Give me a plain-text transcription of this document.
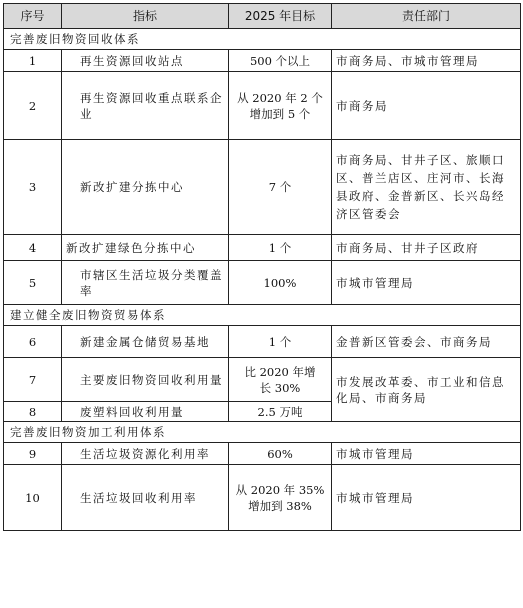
序号	指标	2025 年目标	责任部门
完善废旧物资回收体系			
1	再生资源回收站点	500 个以上	市商务局、市城市管理局
2	再生资源回收重点联系企业	从 2020 年 2 个增加到 5 个	市商务局
3	新改扩建分拣中心	7 个	市商务局、甘井子区、旅顺口区、普兰店区、庄河市、长海县政府、金普新区、长兴岛经济区管委会
4	新改扩建绿色分拣中心	1 个	市商务局、甘井子区政府
5	市辖区生活垃圾分类覆盖率	100%	市城市管理局
建立健全废旧物资贸易体系			
6	新建金属仓储贸易基地	1 个	金普新区管委会、市商务局
7	主要废旧物资回收利用量	比 2020 年增长 30%	市发展改革委、市工业和信息化局、市商务局
8	废塑料回收利用量	2.5 万吨	
完善废旧物资加工利用体系			
9	生活垃圾资源化利用率	60%	市城市管理局
10	生活垃圾回收利用率	从 2020 年 35%增加到 38%	市城市管理局
